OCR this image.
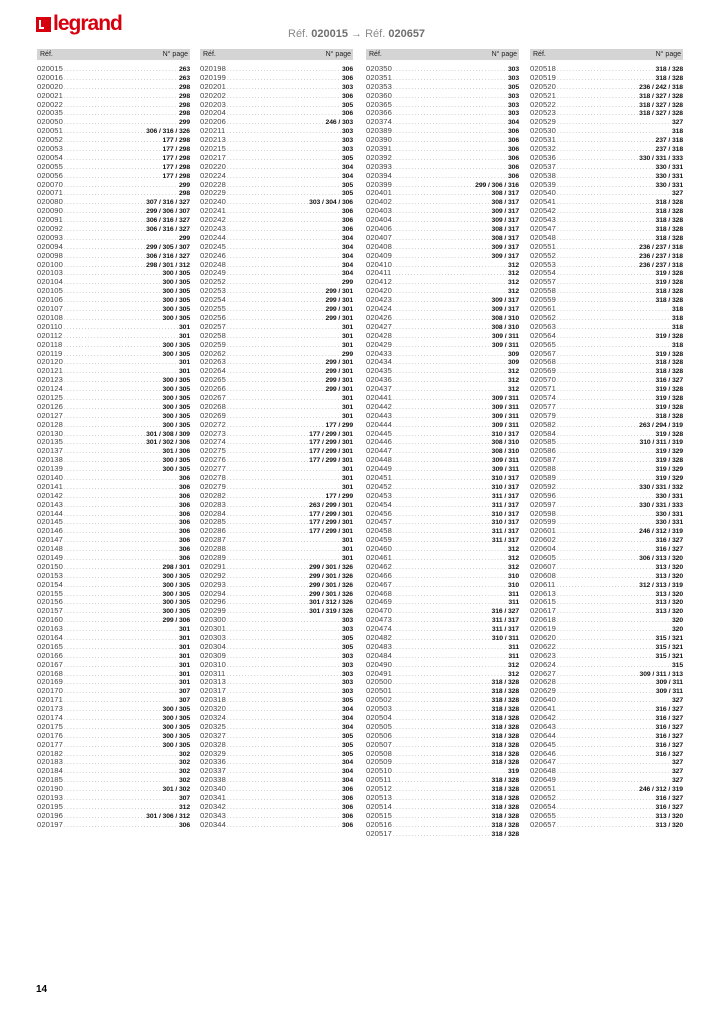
legrand	Réf. 020015 → Réf. 020657
Réf.	N° page
020015 .....	263
020016 .....	263
020020 .....	298
020021 .....	298
020022 .....	298
020035 .....	298
020050 .....	299
020051 .....	306 / 316 / 326
020052 .....	177 / 298
020053 .....	177 / 298
020054 .....	177 / 298
020055 .....	177 / 298
020056 .....	177 / 298
020070 .....	299
020071 .....	298
020080 .....	307 / 316 / 327
020090 .....	299 / 306 / 307
020091 .....	306 / 316 / 327
020092 .....	306 / 316 / 327
020093 .....	299
020094 .....	299 / 305 / 307
020098 .....	306 / 316 / 327
020100 .....	298 / 301 / 312
020103 .....	300 / 305
020104 .....	300 / 305
020105 .....	300 / 305
020106 .....	300 / 305
020107 .....	300 / 305
020108 .....	300 / 305
020110 .....	301
020112 .....	301
020118 .....	300 / 305
020119 .....	300 / 305
020120 .....	301
020121 .....	301
020123 .....	300 / 305
020124 .....	300 / 305
020125 .....	300 / 305
020126 .....	300 / 305
020127 .....	300 / 305
020128 .....	300 / 305
020130 .....	301 / 308 / 309
020135 .....	301 / 302 / 306
020137 .....	301 / 306
020138 .....	300 / 305
020139 .....	300 / 305
020140 .....	306
020141 .....	306
020142 .....	306
020143 .....	306
020144 .....	306
020145 .....	306
020146 .....	306
020147 .....	306
020148 .....	306
020149 .....	306
020150 .....	298 / 301
020153 .....	300 / 305
020154 .....	300 / 305
020155 .....	300 / 305
020156 .....	300 / 305
020157 .....	300 / 305
020160 .....	299 / 306
020163 .....	301
020164 .....	301
020165 .....	301
020166 .....	301
020167 .....	301
020168 .....	301
020169 .....	301
020170 .....	307
020171 .....	307
020173 .....	300 / 305
020174 .....	300 / 305
020175 .....	300 / 305
020176 .....	300 / 305
020177 .....	300 / 305
020182 .....	302
020183 .....	302
020184 .....	302
020185 .....	302
020190 .....	301 / 302
020193 .....	307
020195 .....	312
020196 .....	301 / 306 / 312
020197 .....	306
Réf.	N° page
020198 .....	306
020199 .....	306
020201 .....	303
020202 .....	306
020203 .....	305
020204 .....	306
020206 .....	246 / 303
020211 .....	303
020213 .....	303
020215 .....	303
020217 .....	305
020220 .....	304
020224 .....	304
020228 .....	305
020229 .....	305
020240 .....	303 / 304 / 306
020241 .....	306
020242 .....	306
020243 .....	306
020244 .....	304
020245 .....	304
020246 .....	304
020248 .....	304
020249 .....	304
020252 .....	299
020253 .....	299 / 301
020254 .....	299 / 301
020255 .....	299 / 301
020256 .....	299 / 301
020257 .....	301
020258 .....	301
020259 .....	301
020262 .....	299
020263 .....	299 / 301
020264 .....	299 / 301
020265 .....	299 / 301
020266 .....	299 / 301
020267 .....	301
020268 .....	301
020269 .....	301
020272 .....	177 / 299
020273 .....	177 / 299 / 301
020274 .....	177 / 299 / 301
020275 .....	177 / 299 / 301
020276 .....	177 / 299 / 301
020277 .....	301
020278 .....	301
020279 .....	301
020282 .....	177 / 299
020283 .....	263 / 299 / 301
020284 .....	177 / 299 / 301
020285 .....	177 / 299 / 301
020286 .....	177 / 299 / 301
020287 .....	301
020288 .....	301
020289 .....	301
020291 .....	299 / 301 / 326
020292 .....	299 / 301 / 326
020293 .....	299 / 301 / 326
020294 .....	299 / 301 / 326
020296 .....	301 / 312 / 326
020299 .....	301 / 319 / 326
020300 .....	303
020301 .....	303
020303 .....	305
020304 .....	305
020309 .....	303
020310 .....	303
020311 .....	303
020313 .....	303
020317 .....	303
020318 .....	305
020320 .....	304
020324 .....	304
020325 .....	304
020327 .....	305
020328 .....	305
020329 .....	305
020336 .....	304
020337 .....	304
020338 .....	304
020340 .....	306
020341 .....	306
020342 .....	306
020343 .....	306
020344 .....	306
Réf.	N° page
020350 .....	303
020351 .....	303
020353 .....	305
020360 .....	303
020365 .....	303
020366 .....	303
020374 .....	304
020389 .....	306
020390 .....	306
020391 .....	306
020392 .....	306
020393 .....	306
020394 .....	306
020399 .....	299 / 306 / 316
020401 .....	308 / 317
020402 .....	308 / 317
020403 .....	309 / 317
020404 .....	309 / 317
020406 .....	308 / 317
020407 .....	308 / 317
020408 .....	309 / 317
020409 .....	309 / 317
020410 .....	312
020411 .....	312
020412 .....	312
020420 .....	312
020423 .....	309 / 317
020424 .....	309 / 317
020426 .....	308 / 310
020427 .....	308 / 310
020428 .....	309 / 311
020429 .....	309 / 311
020433 .....	309
020434 .....	309
020435 .....	312
020436 .....	312
020437 .....	312
020441 .....	309 / 311
020442 .....	309 / 311
020443 .....	309 / 311
020444 .....	309 / 311
020445 .....	310 / 317
020446 .....	308 / 310
020447 .....	308 / 310
020448 .....	309 / 311
020449 .....	309 / 311
020451 .....	310 / 317
020452 .....	310 / 317
020453 .....	311 / 317
020454 .....	311 / 317
020456 .....	310 / 317
020457 .....	310 / 317
020458 .....	311 / 317
020459 .....	311 / 317
020460 .....	312
020461 .....	312
020462 .....	312
020466 .....	310
020467 .....	310
020468 .....	311
020469 .....	311
020470 .....	316 / 327
020473 .....	311 / 317
020474 .....	311 / 317
020482 .....	310 / 311
020483 .....	311
020484 .....	311
020490 .....	312
020491 .....	312
020500 .....	318 / 328
020501 .....	318 / 328
020502 .....	318 / 328
020503 .....	318 / 328
020504 .....	318 / 328
020505 .....	318 / 328
020506 .....	318 / 328
020507 .....	318 / 328
020508 .....	318 / 328
020509 .....	318 / 328
020510 .....	319
020511 .....	318 / 328
020512 .....	318 / 328
020513 .....	318 / 328
020514 .....	318 / 328
020515 .....	318 / 328
020516 .....	318 / 328
020517 .....	318 / 328
Réf.	N° page
020518 .....	318 / 328
020519 .....	318 / 328
020520 .....	236 / 242 / 318
020521 .....	318 / 327 / 328
020522 .....	318 / 327 / 328
020523 .....	318 / 327 / 328
020529 .....	327
020530 .....	318
020531 .....	237 / 318
020532 .....	237 / 318
020536 .....	330 / 331 / 333
020537 .....	330 / 331
020538 .....	330 / 331
020539 .....	330 / 331
020540 .....	327
020541 .....	318 / 328
020542 .....	318 / 328
020543 .....	318 / 328
020547 .....	318 / 328
020548 .....	318 / 328
020551 .....	236 / 237 / 318
020552 .....	236 / 237 / 318
020553 .....	236 / 237 / 318
020554 .....	319 / 328
020557 .....	319 / 328
020558 .....	318 / 328
020559 .....	318 / 328
020561 .....	318
020562 .....	318
020563 .....	318
020564 .....	319 / 328
020565 .....	318
020567 .....	319 / 328
020568 .....	318 / 328
020569 .....	318 / 328
020570 .....	316 / 327
020571 .....	319 / 328
020574 .....	319 / 328
020577 .....	319 / 328
020579 .....	318 / 328
020582 .....	263 / 294 / 319
020584 .....	319 / 328
020585 .....	310 / 311 / 319
020586 .....	319 / 329
020587 .....	319 / 328
020588 .....	319 / 329
020589 .....	319 / 329
020592 .....	330 / 331 / 332
020596 .....	330 / 331
020597 .....	330 / 331 / 333
020598 .....	330 / 331
020599 .....	330 / 331
020601 .....	246 / 312 / 319
020602 .....	316 / 327
020604 .....	316 / 327
020605 .....	306 / 313 / 320
020607 .....	313 / 320
020608 .....	313 / 320
020611 .....	312 / 313 / 319
020613 .....	313 / 320
020615 .....	313 / 320
020617 .....	313 / 320
020618 .....	320
020619 .....	320
020620 .....	315 / 321
020622 .....	315 / 321
020623 .....	315 / 321
020624 .....	315
020627 .....	309 / 311 / 313
020628 .....	309 / 311
020629 .....	309 / 311
020640 .....	327
020641 .....	316 / 327
020642 .....	316 / 327
020643 .....	316 / 327
020644 .....	316 / 327
020645 .....	316 / 327
020646 .....	316 / 327
020647 .....	327
020648 .....	327
020649 .....	327
020651 .....	246 / 312 / 319
020652 .....	316 / 327
020654 .....	316 / 327
020655 .....	313 / 320
020657 .....	313 / 320
14
